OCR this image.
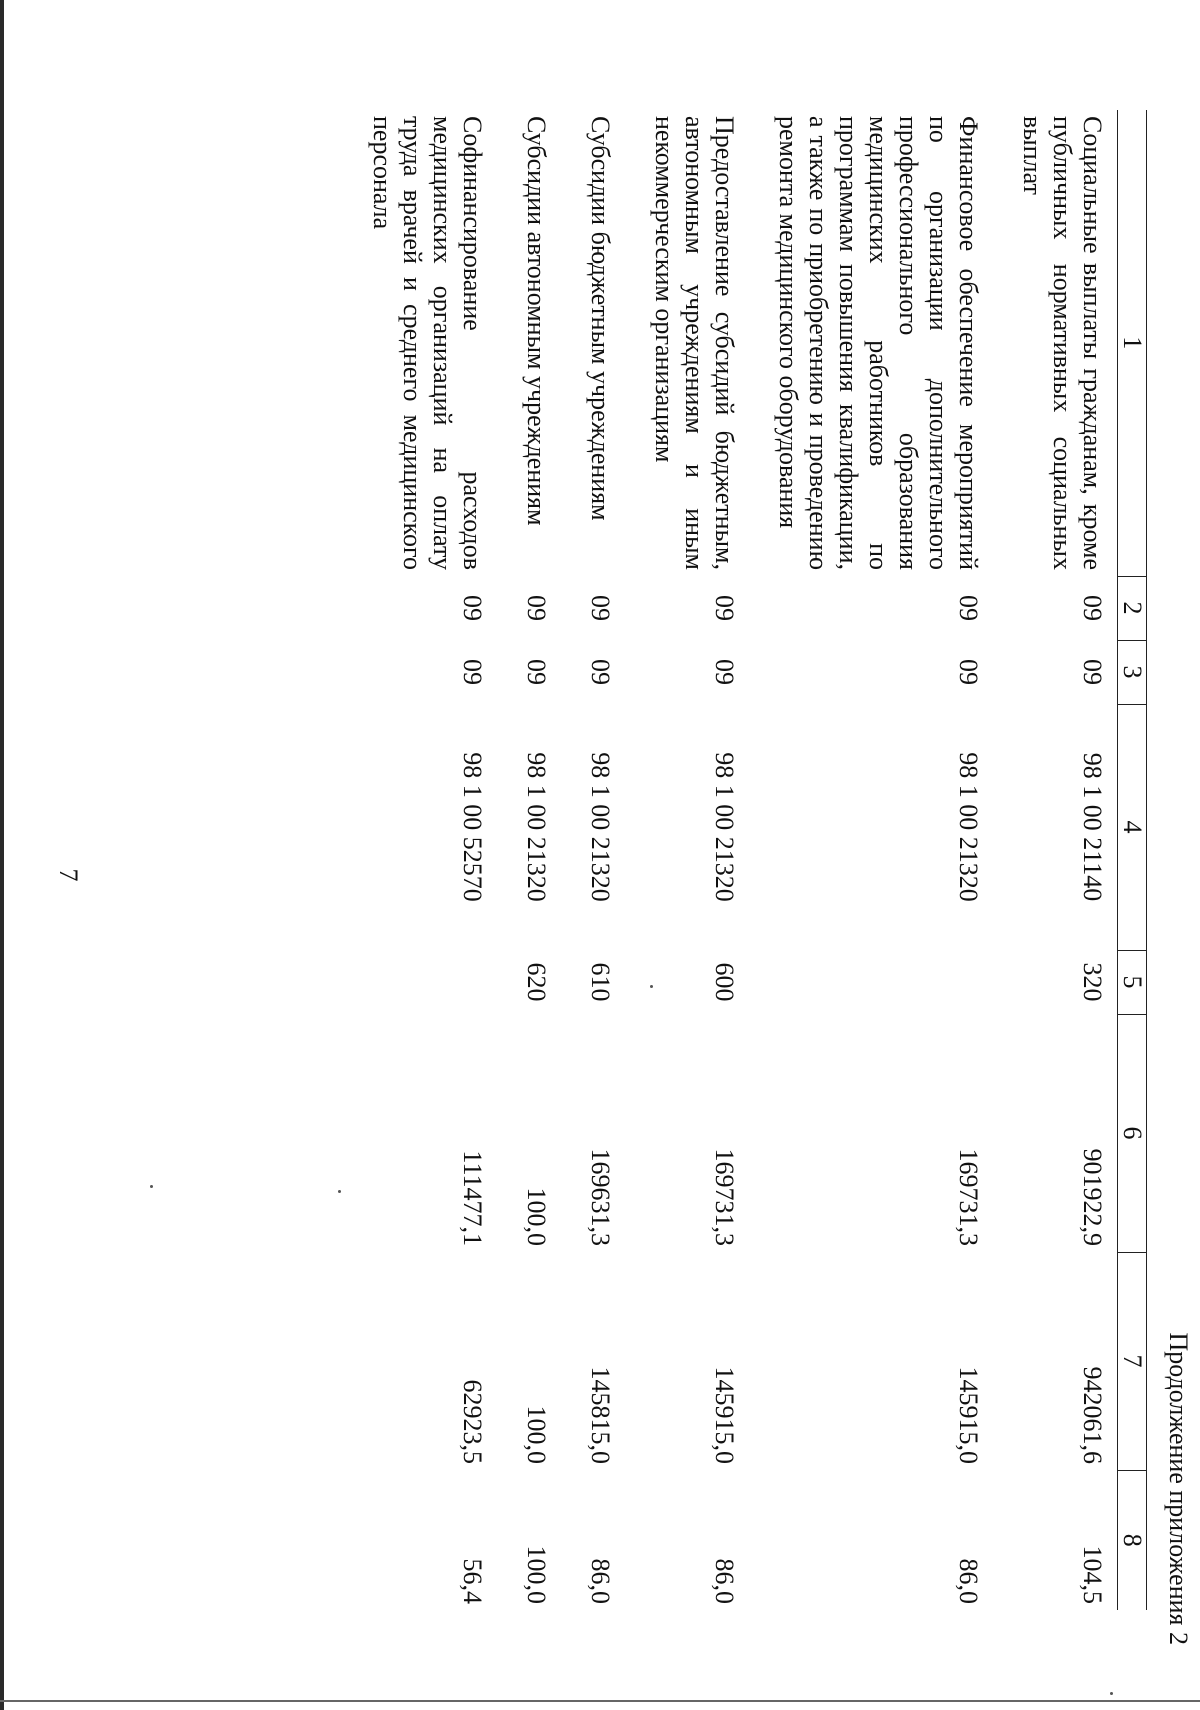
7
Продолжение приложения 2
1	2	3	4	5	6	7	8
Социальные выплаты гражданам, кроме публичных нормативных социальных выплат	09	09	98 1 00 21140	320	901922,9	942061,6	104,5
Финансовое обеспечение мероприятий по организации дополнительного профессионального образования медицинских работников по программам повышения квалификации, а также по приобретению и проведению ремонта медицинского оборудования	09	09	98 1 00 21320		169731,3	145915,0	86,0
Предоставление субсидий бюджетным, автономным учреждениям и иным некоммерческим организациям	09	09	98 1 00 21320	600	169731,3	145915,0	86,0
Субсидии бюджетным учреждениям	09	09	98 1 00 21320	610	169631,3	145815,0	86,0
Субсидии автономным учреждениям	09	09	98 1 00 21320	620	100,0	100,0	100,0
Софинансирование расходов медицинских организаций на оплату труда врачей и среднего медицинского персонала	09	09	98 1 00 52570		111477,1	62923,5	56,4
